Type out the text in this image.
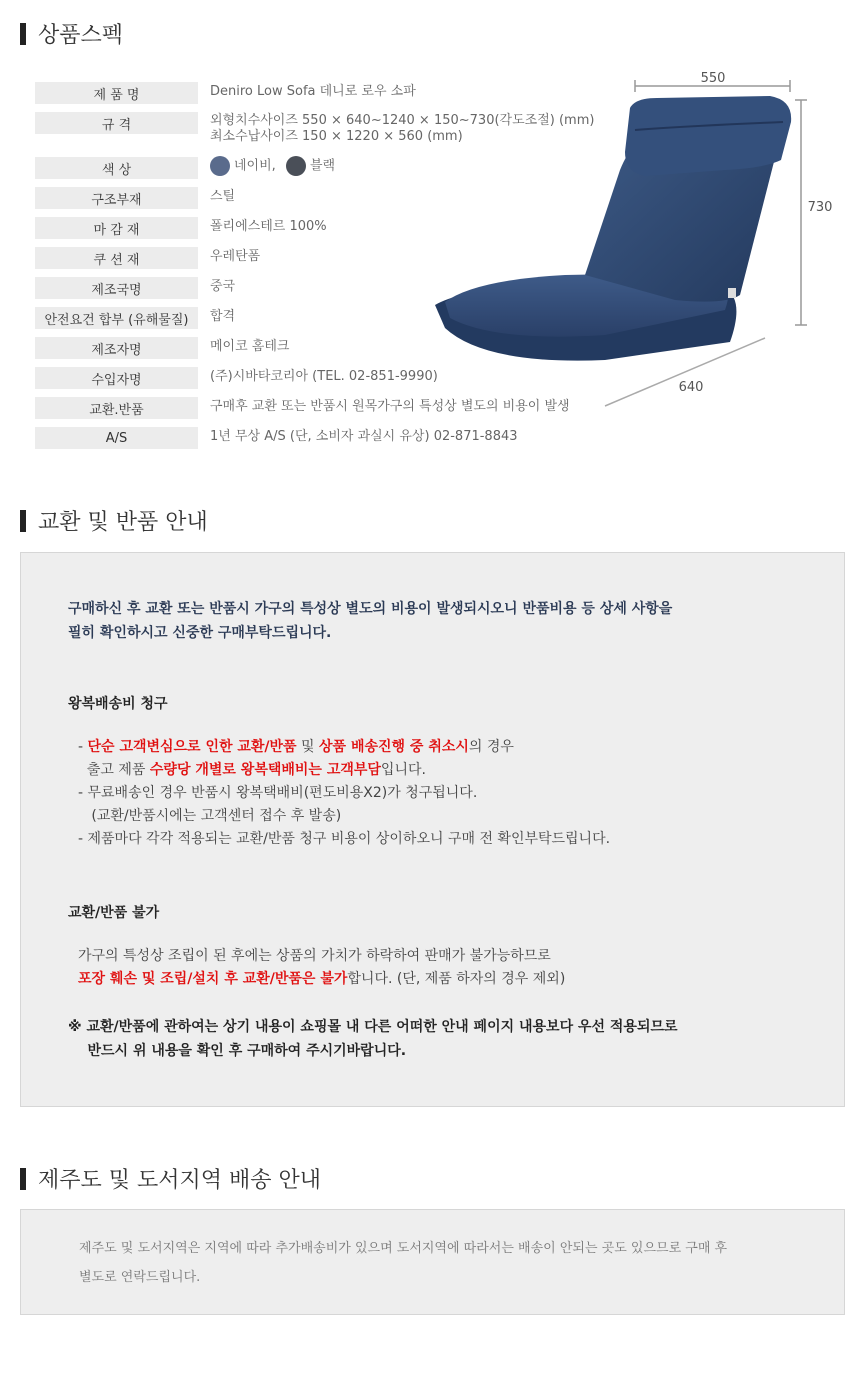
상품스펙
제 품 명	Deniro Low Sofa 데니로 로우 소파
규 격	외형치수사이즈 550 × 640~1240 × 150~730(각도조절) (mm)
최소수납사이즈 150 × 1220 × 560 (mm)
색 상	네이비,	블랙
구조부재	스틸
마 감 재	폴리에스테르 100%
쿠 션 재	우레탄폼
제조국명	중국
안전요건 합부 (유해물질)	합격
제조자명	메이코 홈테크
수입자명	(주)시바타코리아 (TEL. 02-851-9990)
교환.반품	구매후 교환 또는 반품시 원목가구의 특성상 별도의 비용이 발생
A/S	1년 무상 A/S (단, 소비자 과실시 유상) 02-871-8843
550
730
640
교환 및 반품 안내
구매하신 후 교환 또는 반품시 가구의 특성상 별도의 비용이 발생되시오니 반품비용 등 상세 사항을
필히 확인하시고 신중한 구매부탁드립니다.
왕복배송비 청구
- 단순 고객변심으로 인한 교환/반품 및 상품 배송진행 중 취소시의 경우
출고 제품 수량당 개별로 왕복택배비는 고객부담입니다.
- 무료배송인 경우 반품시 왕복택배비(편도비용X2)가 청구됩니다.
(교환/반품시에는 고객센터 접수 후 발송)
- 제품마다 각각 적용되는 교환/반품 청구 비용이 상이하오니 구매 전 확인부탁드립니다.
교환/반품 불가
가구의 특성상 조립이 된 후에는 상품의 가치가 하락하여 판매가 불가능하므로
포장 훼손 및 조립/설치 후 교환/반품은 불가합니다. (단, 제품 하자의 경우 제외)
※ 교환/반품에 관하여는 상기 내용이 쇼핑몰 내 다른 어떠한 안내 페이지 내용보다 우선 적용되므로
반드시 위 내용을 확인 후 구매하여 주시기바랍니다.
제주도 및 도서지역 배송 안내
제주도 및 도서지역은 지역에 따라 추가배송비가 있으며 도서지역에 따라서는 배송이 안되는 곳도 있으므로 구매 후
별도로 연락드립니다.
